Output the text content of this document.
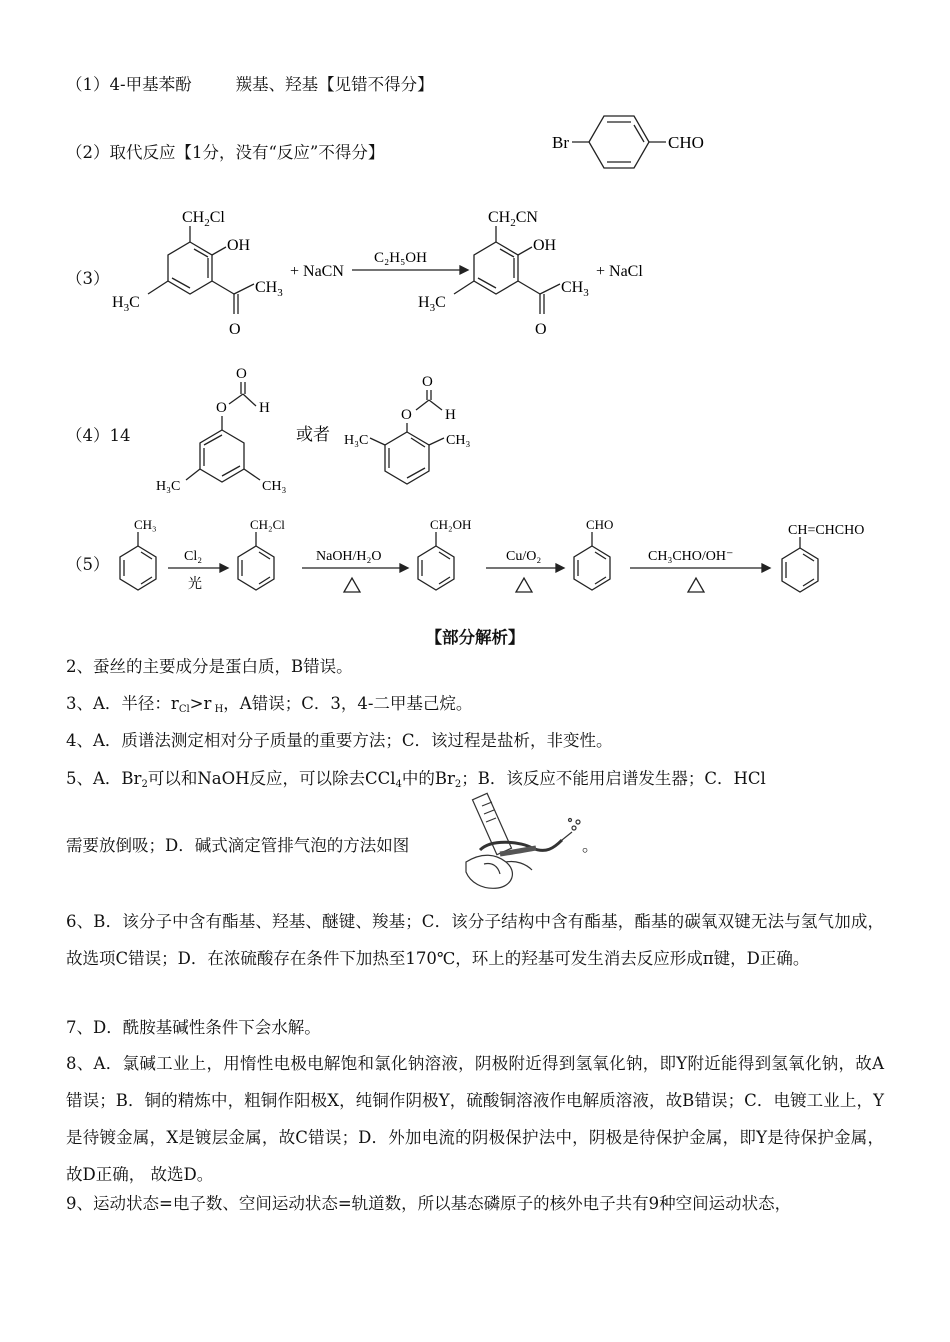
（1）4-甲基苯酚	羰基、羟基【见错不得分】
（2）取代反应【1分，没有“反应”不得分】
Br	CHO
（3）
$CH_2Cl$
OH
O
$CH_3$
$H_3C$
+ NaCN
C₂H₅OH
$CH_2CN$
OH
O
$CH_3$
$H_3C$
+ NaCl
（4）14
O
H
O
H₃C	CH₃
或者
O
H
O
H₃C	CH₃
（5）
CH₃
Cl₂
光
CH₂Cl
NaOH/H₂O
CH₂OH
Cu/O₂
CHO
CH₃CHO/OH⁻
CH=CHCHO
【部分解析】
2、蚕丝的主要成分是蛋白质，B错误。
3、A．半径：$r_{Cl}>r$ $_H$，A错误；C．3，4-二甲基己烷。
4、A．质谱法测定相对分子质量的重要方法；C．该过程是盐析，非变性。
5、A．$Br_2$可以和NaOH反应，可以除去CCl$_4$中的$Br_2$；B．该反应不能用启谱发生器；C．HCl
需要放倒吸；D．碱式滴定管排气泡的方法如图	。
6、B．该分子中含有酯基、羟基、醚键、羧基；C．该分子结构中含有酯基，酯基的碳氧双键无法与氢气加成，故选项C错误；D．在浓硫酸存在条件下加热至170℃，环上的羟基可发生消去反应形成π键，D正确。
7、D．酰胺基碱性条件下会水解。
8、A．氯碱工业上，用惰性电极电解饱和氯化钠溶液，阴极附近得到氢氧化钠，即Y附近能得到氢氧化钠，故A错误；B．铜的精炼中，粗铜作阳极X，纯铜作阴极Y，硫酸铜溶液作电解质溶液，故B错误；C．电镀工业上，Y是待镀金属，X是镀层金属，故C错误；D．外加电流的阴极保护法中，阴极是待保护金属，即Y是待保护金属，故D正确， 故选D。
9、运动状态=电子数、空间运动状态=轨道数，所以基态磷原子的核外电子共有9种空间运动状态，
